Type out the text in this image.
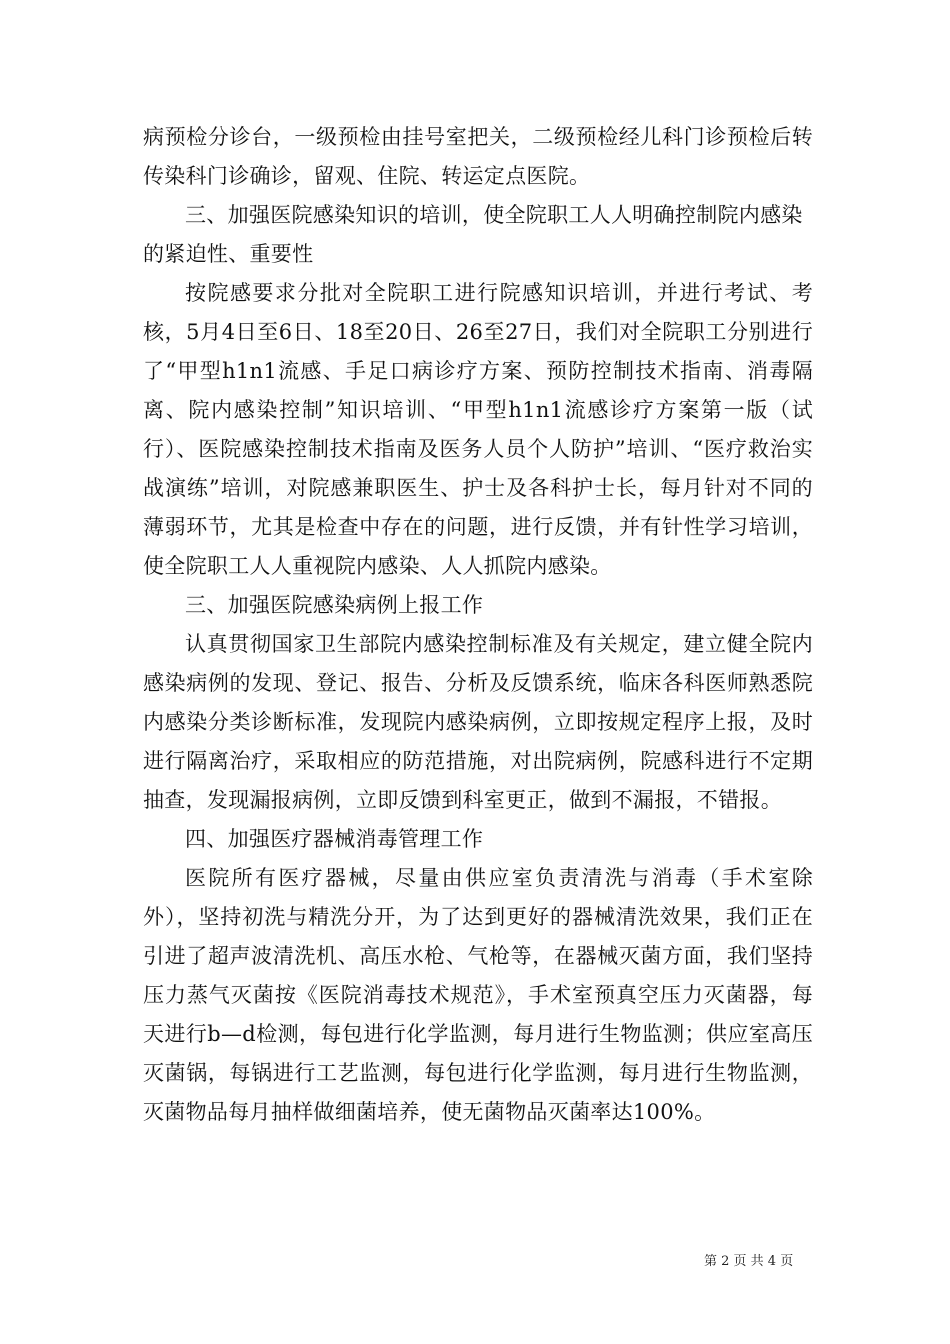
病预检分诊台，一级预检由挂号室把关，二级预检经儿科门诊预检后转传染科门诊确诊，留观、住院、转运定点医院。

三、加强医院感染知识的培训，使全院职工人人明确控制院内感染的紧迫性、重要性

按院感要求分批对全院职工进行院感知识培训，并进行考试、考核，5月4日至6日、18至20日、26至27日，我们对全院职工分别进行了“甲型h1n1流感、手足口病诊疗方案、预防控制技术指南、消毒隔离、院内感染控制”知识培训、“甲型h1n1流感诊疗方案第一版（试行）、医院感染控制技术指南及医务人员个人防护”培训、“医疗救治实战演练”培训，对院感兼职医生、护士及各科护士长，每月针对不同的薄弱环节，尤其是检查中存在的问题，进行反馈，并有针性学习培训，使全院职工人人重视院内感染、人人抓院内感染。

三、加强医院感染病例上报工作

认真贯彻国家卫生部院内感染控制标准及有关规定，建立健全院内感染病例的发现、登记、报告、分析及反馈系统，临床各科医师熟悉院内感染分类诊断标准，发现院内感染病例，立即按规定程序上报，及时进行隔离治疗，采取相应的防范措施，对出院病例，院感科进行不定期抽查，发现漏报病例，立即反馈到科室更正，做到不漏报，不错报。

四、加强医疗器械消毒管理工作

医院所有医疗器械，尽量由供应室负责清洗与消毒（手术室除外），坚持初洗与精洗分开，为了达到更好的器械清洗效果，我们正在引进了超声波清洗机、高压水枪、气枪等，在器械灭菌方面，我们坚持压力蒸气灭菌按《医院消毒技术规范》，手术室预真空压力灭菌器，每天进行b—d检测，每包进行化学监测，每月进行生物监测；供应室高压灭菌锅，每锅进行工艺监测，每包进行化学监测，每月进行生物监测，灭菌物品每月抽样做细菌培养，使无菌物品灭菌率达100%。

第 2 页 共 4 页
